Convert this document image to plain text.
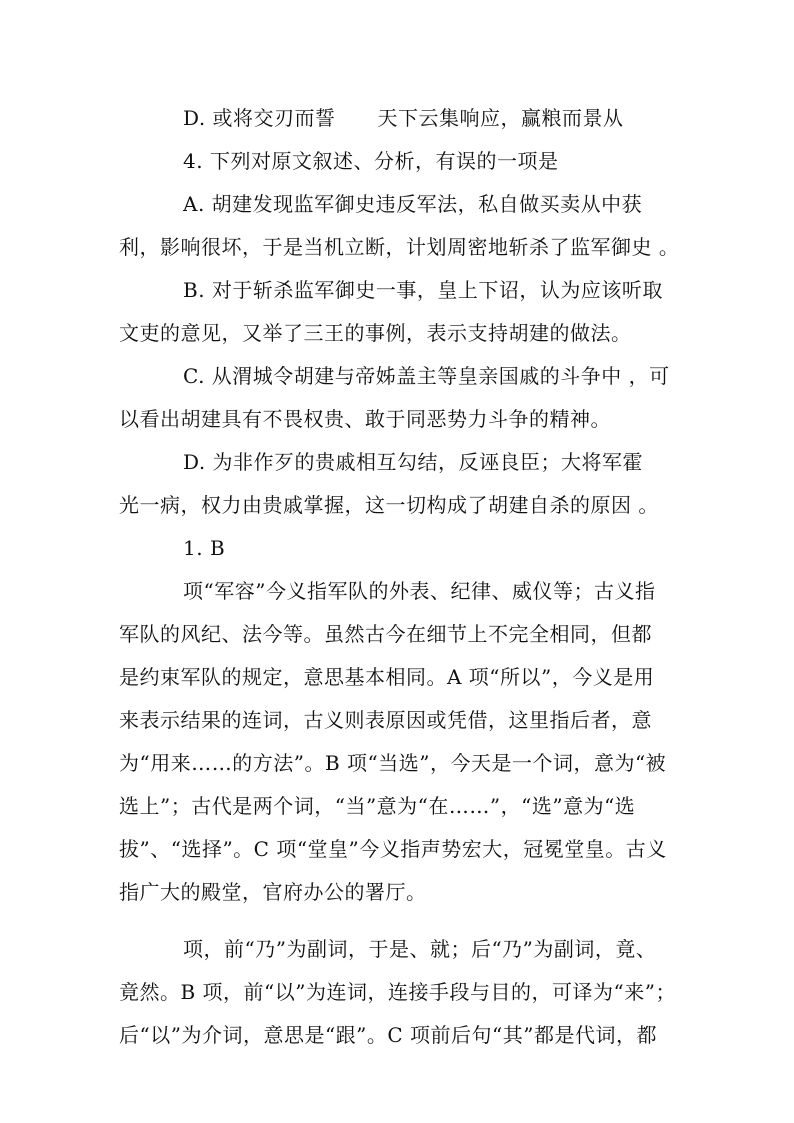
D. 或将交刃而誓 天下云集响应，赢粮而景从
4. 下列对原文叙述、分析，有误的一项是
A. 胡建发现监军御史违反军法，私自做买卖从中获
利，影响很坏，于是当机立断，计划周密地斩杀了监军御史 。
B. 对于斩杀监军御史一事，皇上下诏，认为应该听取
文吏的意见，又举了三王的事例，表示支持胡建的做法。
C. 从渭城令胡建与帝姊盖主等皇亲国戚的斗争中 ，可
以看出胡建具有不畏权贵、敢于同恶势力斗争的精神。
D. 为非作歹的贵戚相互勾结，反诬良臣；大将军霍
光一病，权力由贵戚掌握，这一切构成了胡建自杀的原因 。
1. B
项“军容”今义指军队的外表、纪律、威仪等；古义指
军队的风纪、法今等。虽然古今在细节上不完全相同，但都
是约束军队的规定，意思基本相同。A 项“所以”，今义是用
来表示结果的连词，古义则表原因或凭借，这里指后者，意
为“用来……的方法”。B 项“当选”，今天是一个词，意为“被
选上”；古代是两个词，“当”意为“在……”，“选”意为“选
拔”、“选择”。C 项“堂皇”今义指声势宏大，冠冕堂皇。古义
指广大的殿堂，官府办公的署厅。
项，前“乃”为副词，于是、就；后“乃”为副词，竟、
竟然。B 项，前“以”为连词，连接手段与目的，可译为“来”；
后“以”为介词，意思是“跟”。C 项前后句“其”都是代词，都
